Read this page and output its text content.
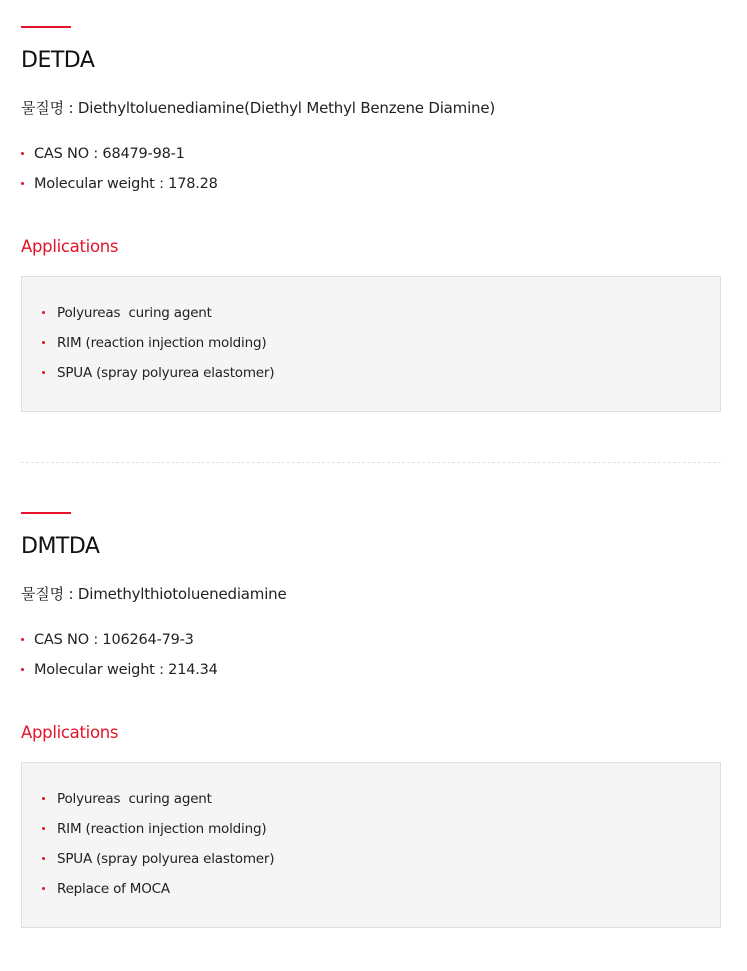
DETDA
물질명 : Diethyltoluenediamine(Diethyl Methyl Benzene Diamine)
CAS NO : 68479-98-1
Molecular weight : 178.28
Applications
Polyureas  curing agent
RIM (reaction injection molding)
SPUA (spray polyurea elastomer)
DMTDA
물질명 : Dimethylthiotoluenediamine
CAS NO : 106264-79-3
Molecular weight : 214.34
Applications
Polyureas  curing agent
RIM (reaction injection molding)
SPUA (spray polyurea elastomer)
Replace of MOCA
